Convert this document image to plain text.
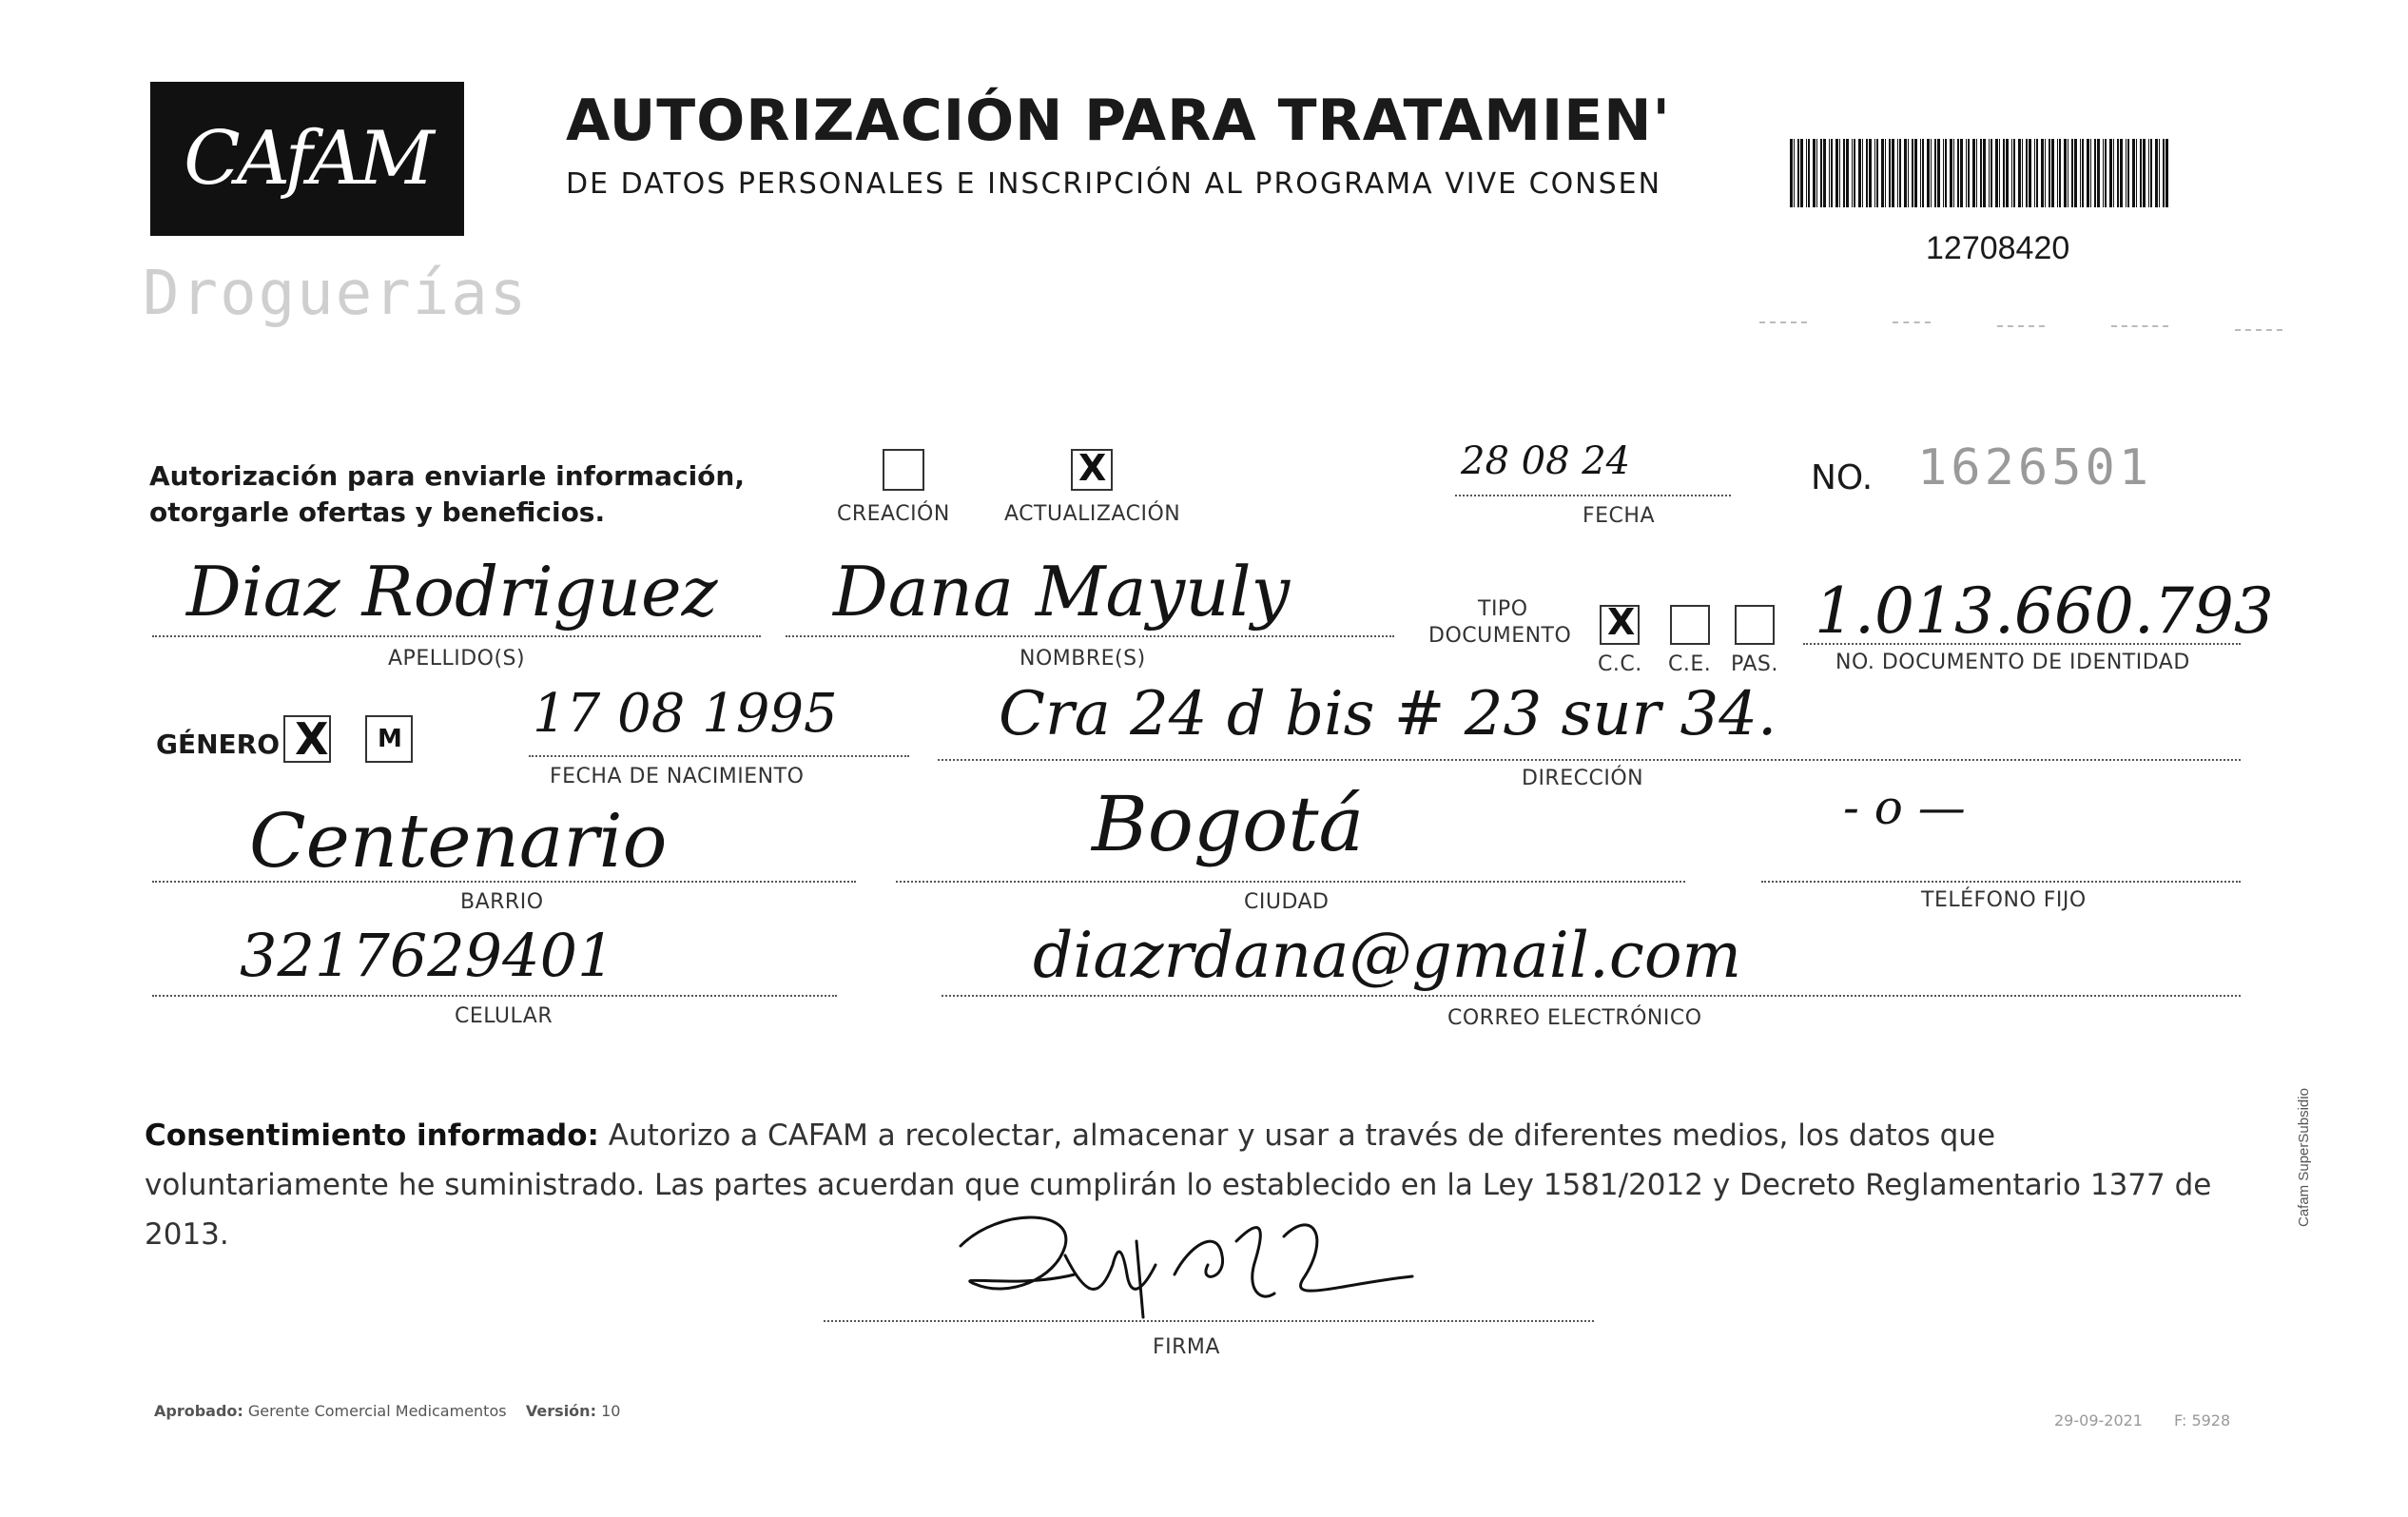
CAfAM
Droguerías
AUTORIZACIÓN PARA TRATAMIEN'
DE DATOS PERSONALES E INSCRIPCIÓN AL PROGRAMA VIVE CONSEN
12708420
Autorización para enviarle información,
otorgarle ofertas y beneficios.	CREACIÓN
X
ACTUALIZACIÓN
28 08 24
FECHA
NO. 1626501
Diaz Rodriguez
APELLIDO(S)
Dana Mayuly
NOMBRE(S)
TIPO
DOCUMENTO X
C.C. C.E. PAS.
1.013.660.793
NO. DOCUMENTO DE IDENTIDAD
GÉNERO X M 17 08 1995
FECHA DE NACIMIENTO
Cra 24 d bis # 23 sur 34.
DIRECCIÓN
Centenario
BARRIO
Bogotá
CIUDAD
- o —
TELÉFONO FIJO
3217629401
CELULAR
diazrdana@gmail.com
CORREO ELECTRÓNICO
Consentimiento informado: Autorizo a CAFAM a recolectar, almacenar y usar a través de diferentes medios, los datos que voluntariamente he suministrado. Las partes acuerdan que cumplirán lo establecido en la Ley 1581/2012 y Decreto Reglamentario 1377 de 2013.
FIRMA
Aprobado: Gerente Comercial Medicamentos Versión: 10
29-09-2021 F: 5928
Cafam SuperSubsidio
